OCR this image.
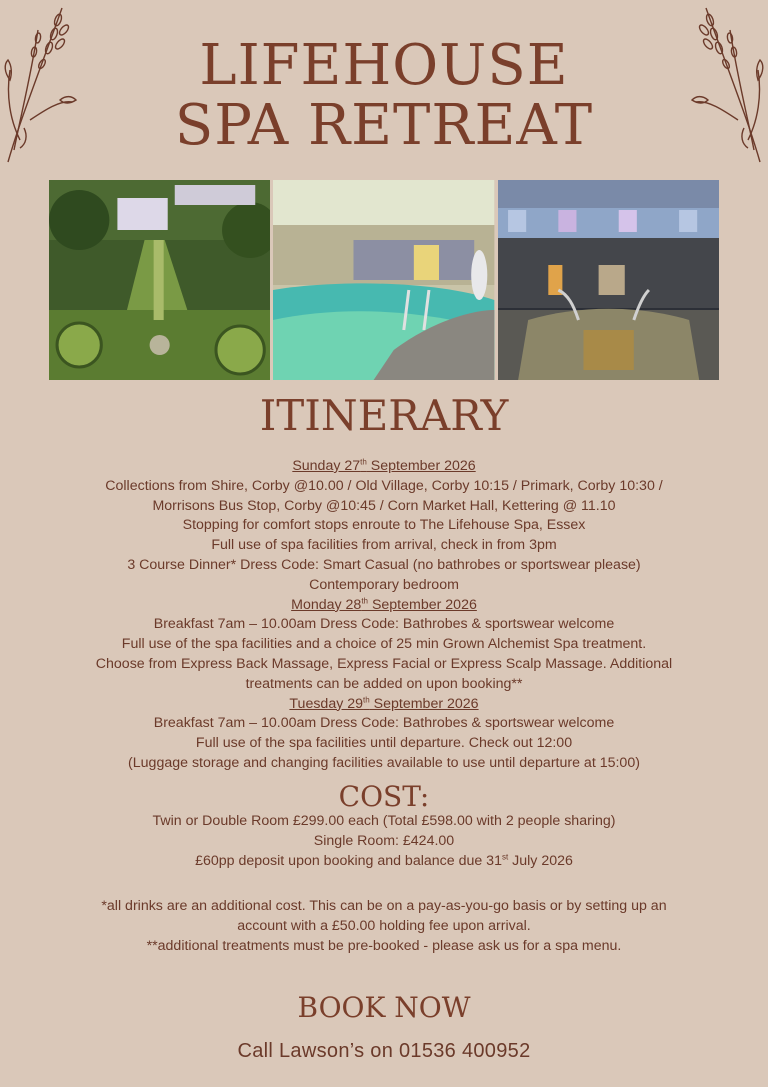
LIFEHOUSE
SPA RETREAT
ITINERARY
Sunday 27th September 2026
Collections from Shire, Corby @10.00 / Old Village, Corby 10:15 / Primark, Corby 10:30 /
Morrisons Bus Stop, Corby @10:45 / Corn Market Hall, Kettering @ 11.10
Stopping for comfort stops enroute to The Lifehouse Spa, Essex
Full use of spa facilities from arrival, check in from 3pm
3 Course Dinner* Dress Code: Smart Casual (no bathrobes or sportswear please)
Contemporary bedroom
Monday 28th September 2026
Breakfast 7am – 10.00am Dress Code: Bathrobes & sportswear welcome
Full use of the spa facilities and a choice of 25 min Grown Alchemist Spa treatment.
Choose from Express Back Massage, Express Facial or Express Scalp Massage. Additional
treatments can be added on upon booking**
Tuesday 29th September 2026
Breakfast 7am – 10.00am Dress Code: Bathrobes & sportswear welcome
Full use of the spa facilities until departure. Check out 12:00
(Luggage storage and changing facilities available to use until departure at 15:00)
COST:
Twin or Double Room £299.00 each (Total £598.00 with 2 people sharing)
Single Room: £424.00
£60pp deposit upon booking and balance due 31st July 2026
*all drinks are an additional cost. This can be on a pay-as-you-go basis or by setting up an
account with a £50.00 holding fee upon arrival.
**additional treatments must be pre-booked - please ask us for a spa menu.
BOOK NOW
Call Lawson’s on 01536 400952
